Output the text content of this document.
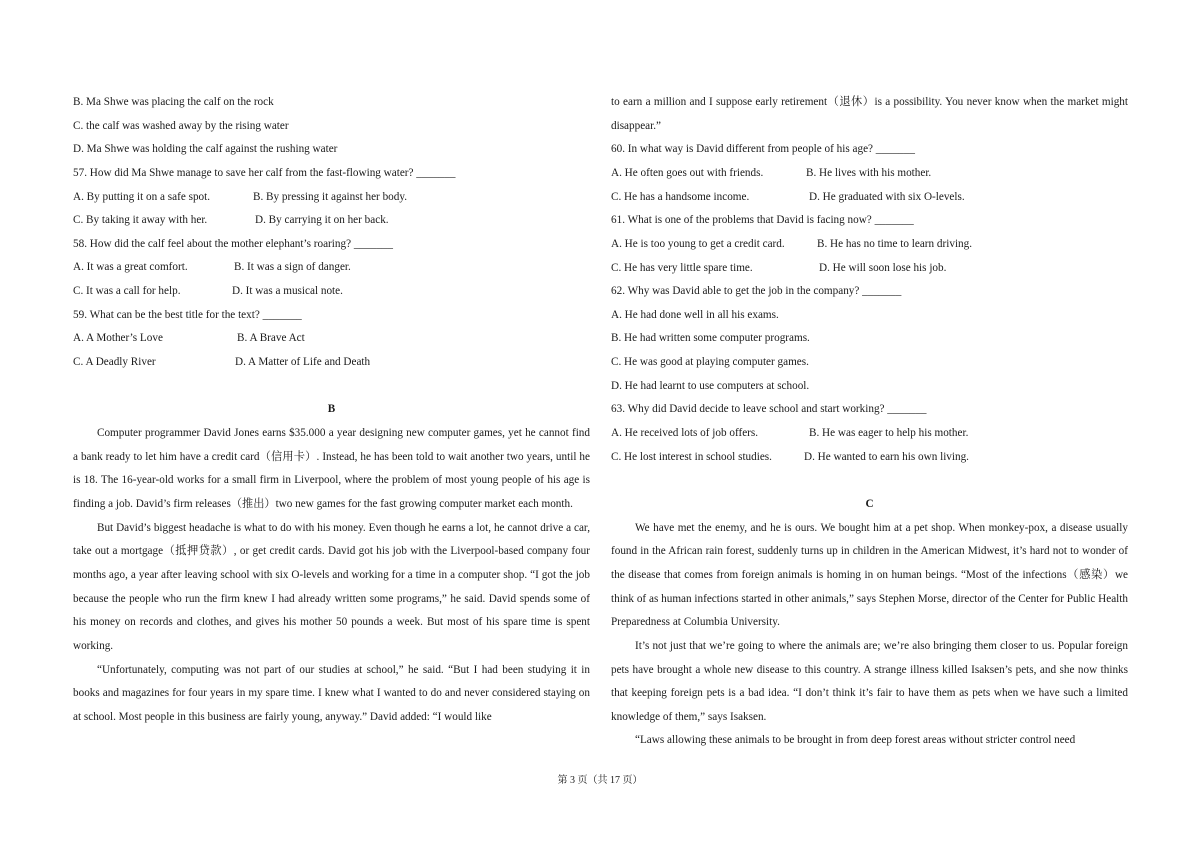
B. Ma Shwe was placing the calf on the rock
C. the calf was washed away by the rising water
D. Ma Shwe was holding the calf against the rushing water
57. How did Ma Shwe manage to save her calf from the fast-flowing water? _______
A. By putting it on a safe spot.	B. By pressing it against her body.
C. By taking it away with her.	D. By carrying it on her back.
58. How did the calf feel about the mother elephant’s roaring? _______
A. It was a great comfort.	B. It was a sign of danger.
C. It was a call for help.	D. It was a musical note.
59. What can be the best title for the text? _______
A. A Mother’s Love	B. A Brave Act
C. A Deadly River	D. A Matter of Life and Death
B
Computer programmer David Jones earns $35.000 a year designing new computer games, yet he cannot find a bank ready to let him have a credit card（信用卡）. Instead, he has been told to wait another two years, until he is 18. The 16-year-old works for a small firm in Liverpool, where the problem of most young people of his age is finding a job. David’s firm releases（推出）two new games for the fast growing computer market each month.
But David’s biggest headache is what to do with his money. Even though he earns a lot, he cannot drive a car, take out a mortgage（抵押贷款）, or get credit cards. David got his job with the Liverpool-based company four months ago, a year after leaving school with six O-levels and working for a time in a computer shop. “I got the job because the people who run the firm knew I had already written some programs,” he said. David spends some of his money on records and clothes, and gives his mother 50 pounds a week. But most of his spare time is spent working.
“Unfortunately, computing was not part of our studies at school,” he said. “But I had been studying it in books and magazines for four years in my spare time. I knew what I wanted to do and never considered staying on at school. Most people in this business are fairly young, anyway.” David added: “I would like
to earn a million and I suppose early retirement（退休）is a possibility. You never know when the market might disappear.”
60. In what way is David different from people of his age? _______
A. He often goes out with friends.	B. He lives with his mother.
C. He has a handsome income.	D. He graduated with six O-levels.
61. What is one of the problems that David is facing now? _______
A. He is too young to get a credit card.	B. He has no time to learn driving.
C. He has very little spare time.	D. He will soon lose his job.
62. Why was David able to get the job in the company? _______
A. He had done well in all his exams.
B. He had written some computer programs.
C. He was good at playing computer games.
D. He had learnt to use computers at school.
63. Why did David decide to leave school and start working? _______
A. He received lots of job offers.	B. He was eager to help his mother.
C. He lost interest in school studies.	D. He wanted to earn his own living.
C
We have met the enemy, and he is ours. We bought him at a pet shop. When monkey-pox, a disease usually found in the African rain forest, suddenly turns up in children in the American Midwest, it’s hard not to wonder of the disease that comes from foreign animals is homing in on human beings. “Most of the infections（感染）we think of as human infections started in other animals,” says Stephen Morse, director of the Center for Public Health Preparedness at Columbia University.
It’s not just that we’re going to where the animals are; we’re also bringing them closer to us. Popular foreign pets have brought a whole new disease to this country. A strange illness killed Isaksen’s pets, and she now thinks that keeping foreign pets is a bad idea. “I don’t think it’s fair to have them as pets when we have such a limited knowledge of them,” says Isaksen.
“Laws allowing these animals to be brought in from deep forest areas without stricter control need
第 3 页（共 17 页）
